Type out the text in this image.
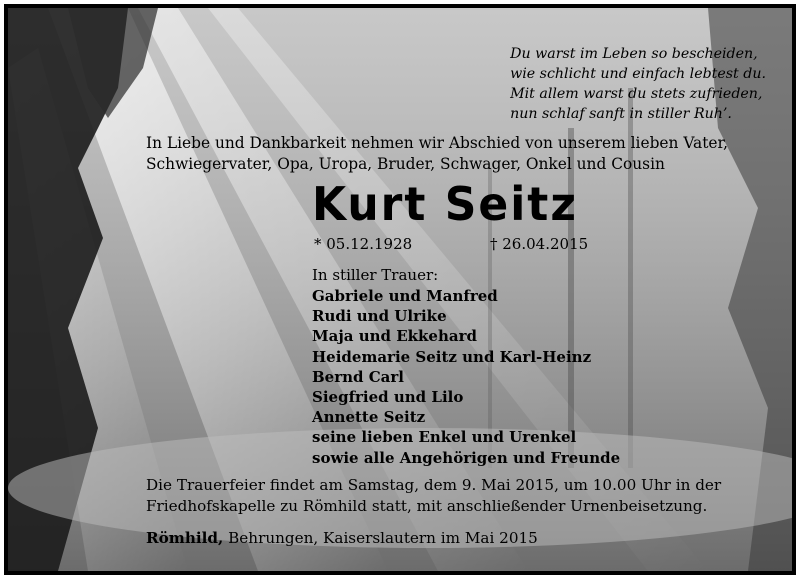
Du warst im Leben so bescheiden,
wie schlicht und einfach lebtest du.
Mit allem warst du stets zufrieden,
nun schlaf sanft in stiller Ruh’.
In Liebe und Dankbarkeit nehmen wir Abschied von unserem lieben Vater,
Schwiegervater, Opa, Uropa, Bruder, Schwager, Onkel und Cousin
Kurt Seitz
* 05.12.1928	† 26.04.2015
In stiller Trauer:
Gabriele und Manfred
Rudi und Ulrike
Maja und Ekkehard
Heidemarie Seitz und Karl-Heinz
Bernd Carl
Siegfried und Lilo
Annette Seitz
seine lieben Enkel und Urenkel
sowie alle Angehörigen und Freunde
Die Trauerfeier findet am Samstag, dem 9. Mai 2015, um 10.00 Uhr in der
Friedhofskapelle zu Römhild statt, mit anschließender Urnenbeisetzung.
Römhild, Behrungen, Kaiserslautern im Mai 2015
